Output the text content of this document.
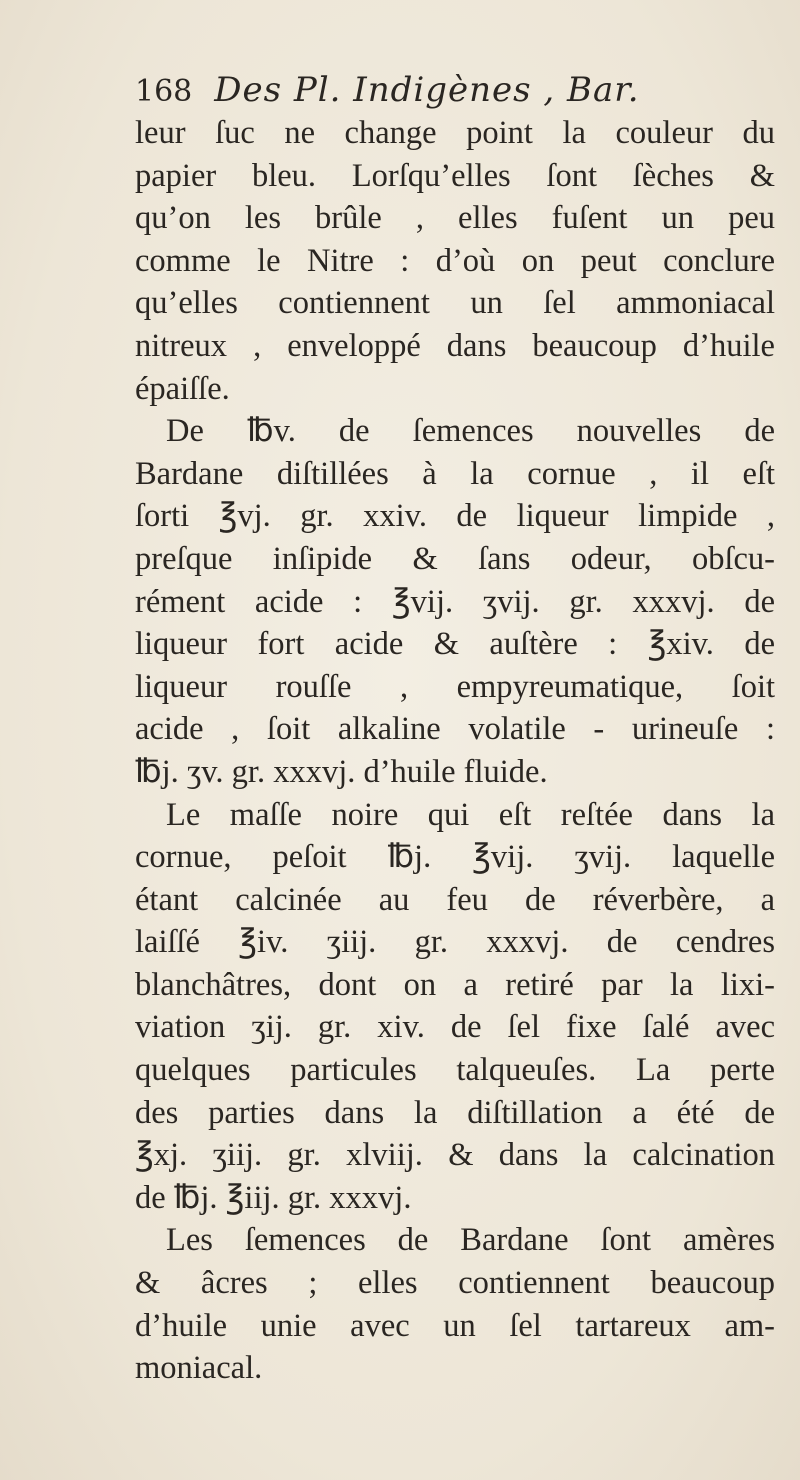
168 Des Pl. Indigènes , Bar.
leur ſuc ne change point la couleur du
papier bleu. Lorſqu’elles ſont ſèches &
qu’on les brûle , elles fuſent un peu
comme le Nitre : d’où on peut conclure
qu’elles contiennent un ſel ammoniacal
nitreux , enveloppé dans beaucoup d’huile
épaiſſe.
De ℔v. de ſemences nouvelles de
Bardane diſtillées à la cornue , il eſt
ſorti ℥vj. gr. xxiv. de liqueur limpide ,
preſque inſipide & ſans odeur, obſcu-
rément acide : ℥vij. ʒvij. gr. xxxvj. de
liqueur fort acide & auſtère : ℥xiv. de
liqueur rouſſe , empyreumatique, ſoit
acide , ſoit alkaline volatile - urineuſe :
℔j. ʒv. gr. xxxvj. d’huile fluide.
Le maſſe noire qui eſt reſtée dans la
cornue, peſoit ℔j. ℥vij. ʒvij. laquelle
étant calcinée au feu de réverbère, a
laiſſé ℥iv. ʒiij. gr. xxxvj. de cendres
blanchâtres, dont on a retiré par la lixi-
viation ʒij. gr. xiv. de ſel fixe ſalé avec
quelques particules talqueuſes. La perte
des parties dans la diſtillation a été de
℥xj. ʒiij. gr. xlviij. & dans la calcination
de ℔j. ℥iij. gr. xxxvj.
Les ſemences de Bardane ſont amères
& âcres ; elles contiennent beaucoup
d’huile unie avec un ſel tartareux am-
moniacal.
